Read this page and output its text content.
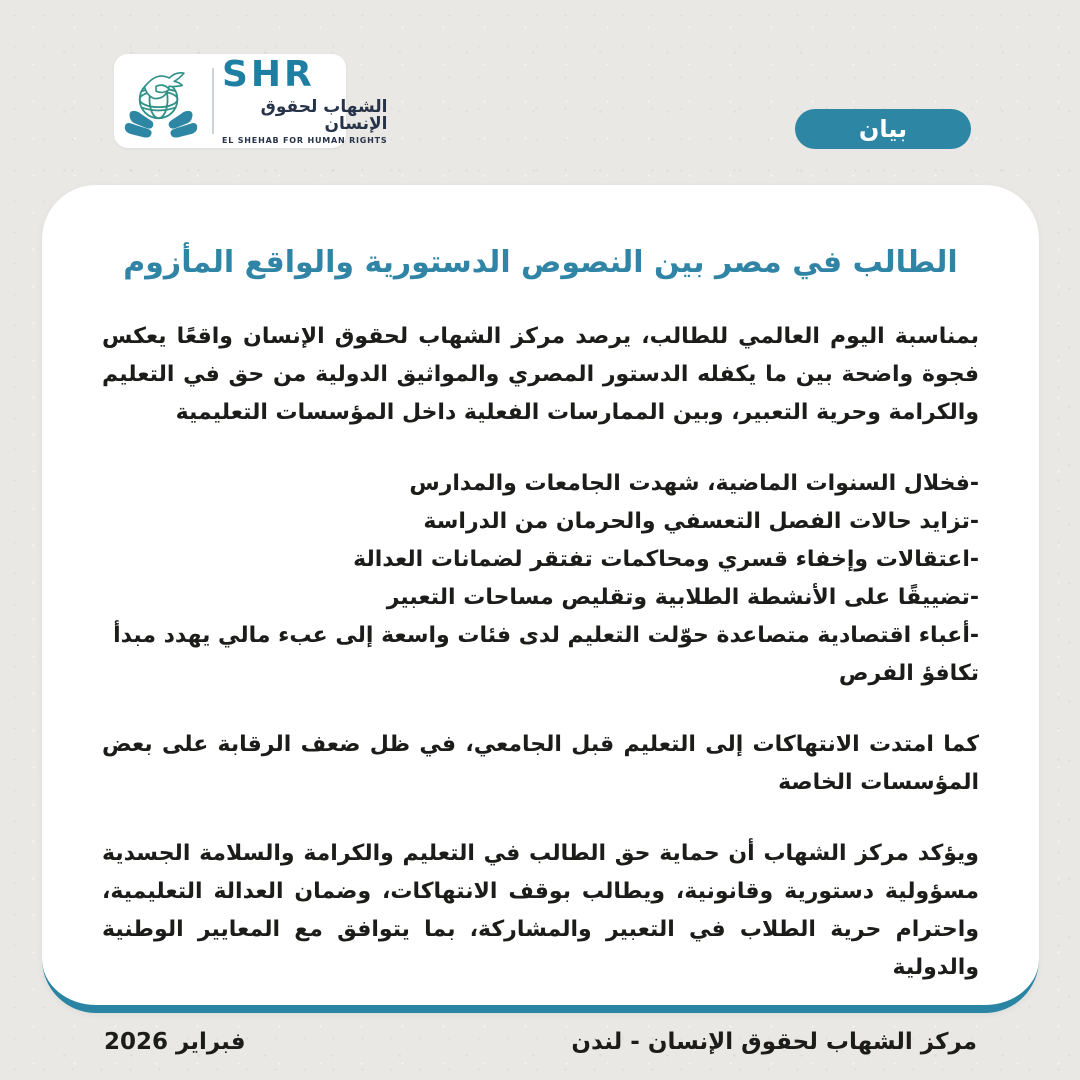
SHR
الشهاب لحقوق الإنسان
EL SHEHAB FOR HUMAN RIGHTS	بيان
الطالب في مصر بين النصوص الدستورية والواقع المأزوم

بمناسبة اليوم العالمي للطالب، يرصد مركز الشهاب لحقوق الإنسان واقعًا يعكس فجوة واضحة بين ما يكفله الدستور المصري والمواثيق الدولية من حق في التعليم والكرامة وحرية التعبير، وبين الممارسات الفعلية داخل المؤسسات التعليمية

-فخلال السنوات الماضية، شهدت الجامعات والمدارس

-تزايد حالات الفصل التعسفي والحرمان من الدراسة

-اعتقالات وإخفاء قسري ومحاكمات تفتقر لضمانات العدالة

-تضييقًا على الأنشطة الطلابية وتقليص مساحات التعبير

-أعباء اقتصادية متصاعدة حوّلت التعليم لدى فئات واسعة إلى عبء مالي يهدد مبدأ تكافؤ الفرص

كما امتدت الانتهاكات إلى التعليم قبل الجامعي، في ظل ضعف الرقابة على بعض المؤسسات الخاصة

ويؤكد مركز الشهاب أن حماية حق الطالب في التعليم والكرامة والسلامة الجسدية مسؤولية دستورية وقانونية، ويطالب بوقف الانتهاكات، وضمان العدالة التعليمية، واحترام حرية الطلاب في التعبير والمشاركة، بما يتوافق مع المعايير الوطنية والدولية

مركز الشهاب لحقوق الإنسان - لندن
فبراير 2026
